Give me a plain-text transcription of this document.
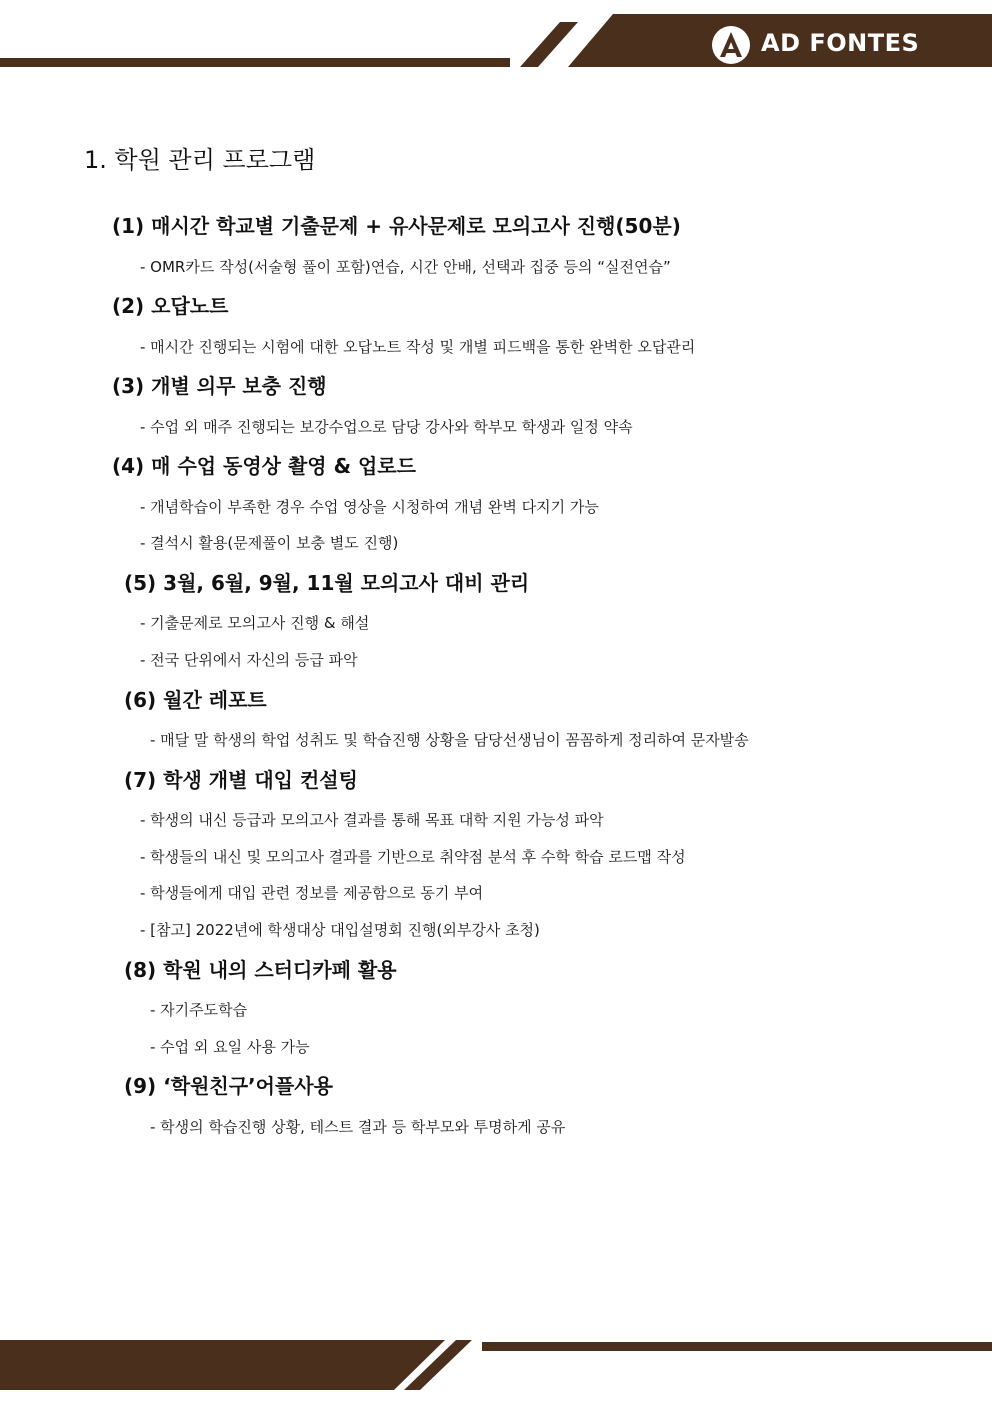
AD FONTES
1. 학원 관리 프로그램
(1) 매시간 학교별 기출문제 + 유사문제로 모의고사 진행(50분)

- OMR카드 작성(서술형 풀이 포함)연습, 시간 안배, 선택과 집중 등의 “실전연습”

(2) 오답노트

- 매시간 진행되는 시험에 대한 오답노트 작성 및 개별 피드백을 통한 완벽한 오답관리

(3) 개별 의무 보충 진행

- 수업 외 매주 진행되는 보강수업으로 담당 강사와 학부모 학생과 일정 약속

(4) 매 수업 동영상 촬영 & 업로드

- 개념학습이 부족한 경우 수업 영상을 시청하여 개념 완벽 다지기 가능

- 결석시 활용(문제풀이 보충 별도 진행)

(5) 3월, 6월, 9월, 11월 모의고사 대비 관리

- 기출문제로 모의고사 진행 & 해설

- 전국 단위에서 자신의 등급 파악

(6) 월간 레포트

- 매달 말 학생의 학업 성취도 및 학습진행 상황을 담당선생님이 꼼꼼하게 정리하여 문자발송

(7) 학생 개별 대입 컨설팅

- 학생의 내신 등급과 모의고사 결과를 통해 목표 대학 지원 가능성 파악

- 학생들의 내신 및 모의고사 결과를 기반으로 취약점 분석 후 수학 학습 로드맵 작성

- 학생들에게 대입 관련 정보를 제공함으로 동기 부여

- [참고] 2022년에 학생대상 대입설명회 진행(외부강사 초청)

(8) 학원 내의 스터디카페 활용

- 자기주도학습

- 수업 외 요일 사용 가능

(9) ‘학원친구’어플사용

- 학생의 학습진행 상황, 테스트 결과 등 학부모와 투명하게 공유
